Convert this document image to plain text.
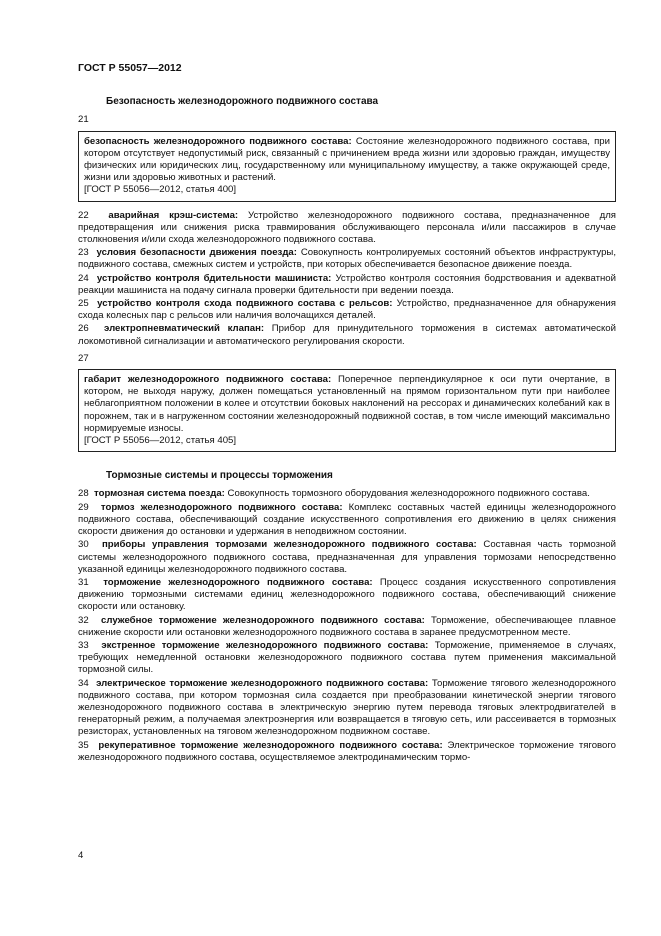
ГОСТ Р 55057—2012
Безопасность железнодорожного подвижного состава
21
безопасность железнодорожного подвижного состава: Состояние железнодорожного подвижного состава, при котором отсутствует недопустимый риск, связанный с причинением вреда жизни или здоровью граждан, имуществу физических или юридических лиц, государственному или муниципальному имуществу, а также окружающей среде, жизни или здоровью животных и растений.
[ГОСТ Р 55056—2012, статья 400]
22 аварийная крэш-система: Устройство железнодорожного подвижного состава, предназначенное для предотвращения или снижения риска травмирования обслуживающего персонала и/или пассажиров в случае столкновения и/или схода железнодорожного подвижного состава.
23 условия безопасности движения поезда: Совокупность контролируемых состояний объектов инфраструктуры, подвижного состава, смежных систем и устройств, при которых обеспечивается безопасное движение поезда.
24 устройство контроля бдительности машиниста: Устройство контроля состояния бодрствования и адекватной реакции машиниста на подачу сигнала проверки бдительности при ведении поезда.
25 устройство контроля схода подвижного состава с рельсов: Устройство, предназначенное для обнаружения схода колесных пар с рельсов или наличия волочащихся деталей.
26 электропневматический клапан: Прибор для принудительного торможения в системах автоматической локомотивной сигнализации и автоматического регулирования скорости.
27
габарит железнодорожного подвижного состава: Поперечное перпендикулярное к оси пути очертание, в котором, не выходя наружу, должен помещаться установленный на прямом горизонтальном пути при наиболее неблагоприятном положении в колее и отсутствии боковых наклонений на рессорах и динамических колебаний как в порожнем, так и в нагруженном состоянии железнодорожный подвижной состав, в том числе имеющий максимально нормируемые износы.
[ГОСТ Р 55056—2012, статья 405]
Тормозные системы и процессы торможения
28 тормозная система поезда: Совокупность тормозного оборудования железнодорожного подвижного состава.
29 тормоз железнодорожного подвижного состава: Комплекс составных частей единицы железнодорожного подвижного состава, обеспечивающий создание искусственного сопротивления его движению в целях снижения скорости движения до остановки и удержания в неподвижном состоянии.
30 приборы управления тормозами железнодорожного подвижного состава: Составная часть тормозной системы железнодорожного подвижного состава, предназначенная для управления тормозами непосредственно указанной единицы железнодорожного подвижного состава.
31 торможение железнодорожного подвижного состава: Процесс создания искусственного сопротивления движению тормозными системами единиц железнодорожного подвижного состава, обеспечивающий снижение скорости или остановку.
32 служебное торможение железнодорожного подвижного состава: Торможение, обеспечивающее плавное снижение скорости или остановки железнодорожного подвижного состава в заранее предусмотренном месте.
33 экстренное торможение железнодорожного подвижного состава: Торможение, применяемое в случаях, требующих немедленной остановки железнодорожного подвижного состава путем применения максимальной тормозной силы.
34 электрическое торможение железнодорожного подвижного состава: Торможение тягового железнодорожного подвижного состава, при котором тормозная сила создается при преобразовании кинетической энергии тягового железнодорожного подвижного состава в электрическую энергию путем перевода тяговых электродвигателей в генераторный режим, а получаемая электроэнергия или возвращается в тяговую сеть, или рассеивается в тормозных резисторах, установленных на тяговом железнодорожном подвижном составе.
35 рекуперативное торможение железнодорожного подвижного состава: Электрическое торможение тягового железнодорожного подвижного состава, осуществляемое электродинамическим тормо-
4
